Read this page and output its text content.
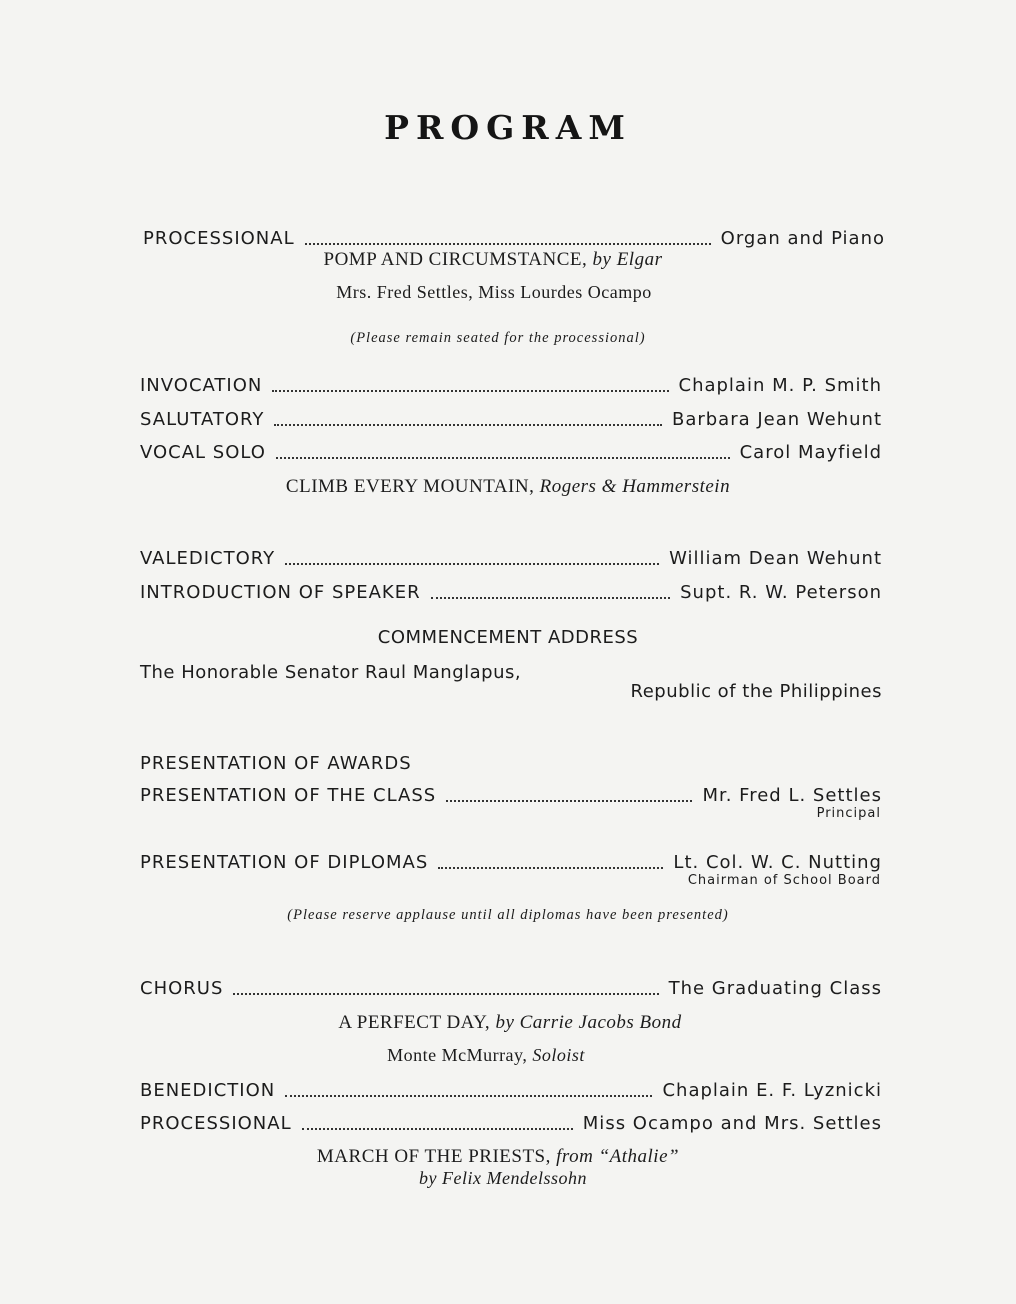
PROGRAM
PROCESSIONAL	Organ and Piano
POMP AND CIRCUMSTANCE, by Elgar
Mrs. Fred Settles, Miss Lourdes Ocampo
(Please remain seated for the processional)
INVOCATION	Chaplain M. P. Smith
SALUTATORY	Barbara Jean Wehunt
VOCAL SOLO	Carol Mayfield
CLIMB EVERY MOUNTAIN, Rogers & Hammerstein
VALEDICTORY	William Dean Wehunt
INTRODUCTION OF SPEAKER	Supt. R. W. Peterson
COMMENCEMENT ADDRESS
The Honorable Senator Raul Manglapus,
Republic of the Philippines
PRESENTATION OF AWARDS
PRESENTATION OF THE CLASS	Mr. Fred L. Settles
Principal
PRESENTATION OF DIPLOMAS	Lt. Col. W. C. Nutting
Chairman of School Board
(Please reserve applause until all diplomas have been presented)
CHORUS	The Graduating Class
A PERFECT DAY, by Carrie Jacobs Bond
Monte McMurray, Soloist
BENEDICTION	Chaplain E. F. Lyznicki
PROCESSIONAL	Miss Ocampo and Mrs. Settles
MARCH OF THE PRIESTS, from “Athalie”
by Felix Mendelssohn
